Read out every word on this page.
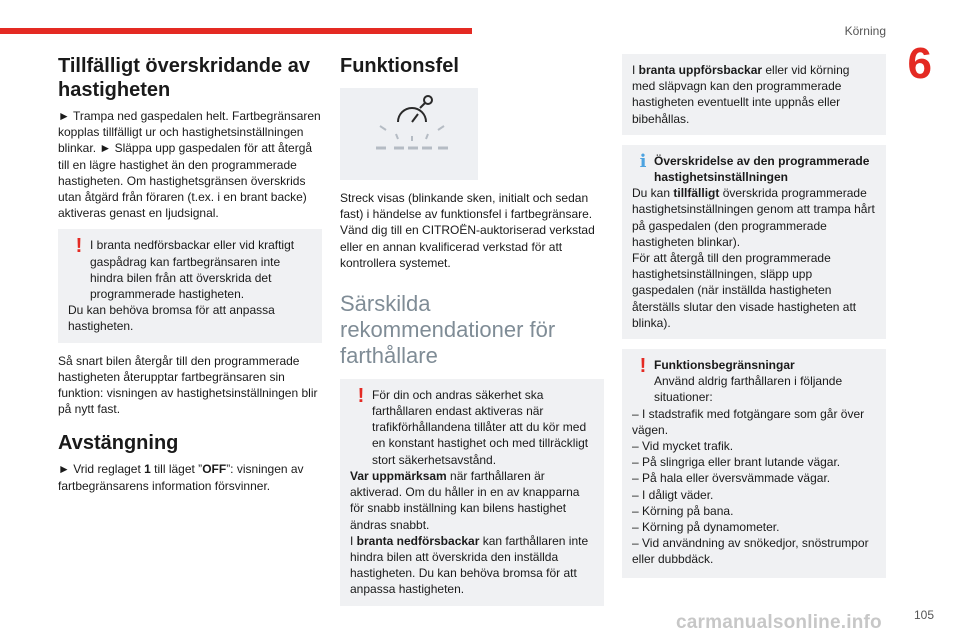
Körning
6
Tillfälligt överskridande av hastigheten

► Trampa ned gaspedalen helt. Fartbegränsaren kopplas tillfälligt ur och hastighetsinställningen blinkar. ► Släppa upp gaspedalen för att återgå till en lägre hastighet än den programmerade hastigheten. Om hastighetsgränsen överskrids utan åtgärd från föraren (t.ex. i en brant backe) aktiveras genast en ljudsignal.

! I branta nedförsbackar eller vid kraftigt gaspådrag kan fartbegränsaren inte hindra bilen från att överskrida det programmerade hastigheten.
Du kan behöva bromsa för att anpassa hastigheten.

Så snart bilen återgår till den programmerade hastigheten återupptar fartbegränsaren sin funktion: visningen av hastighetsinställningen blir på nytt fast.

Avstängning

► Vrid reglaget 1 till läget ”OFF”: visningen av fartbegränsarens information försvinner.

Funktionsfel

Streck visas (blinkande sken, initialt och sedan fast) i händelse av funktionsfel i fartbegränsare. Vänd dig till en CITROËN-auktoriserad verkstad eller en annan kvalificerad verkstad för att kontrollera systemet.

Särskilda rekommendationer för farthållare
! För din och andras säkerhet ska farthållaren endast aktiveras när trafikförhållandena tillåter att du kör med en konstant hastighet och med tillräckligt stort säkerhetsavstånd.
Var uppmärksam när farthållaren är aktiverad. Om du håller in en av knapparna för snabb inställning kan bilens hastighet ändras snabbt.
I branta nedförsbackar kan farthållaren inte hindra bilen att överskrida den inställda hastigheten. Du kan behöva bromsa för att anpassa hastigheten.
I branta uppförsbackar eller vid körning med släpvagn kan den programmerade hastigheten eventuellt inte uppnås eller bibehållas.
i Överskridelse av den programmerade hastighetsinställningen
Du kan tillfälligt överskrida programmerade hastighetsinställningen genom att trampa hårt på gaspedalen (den programmerade hastigheten blinkar).
För att återgå till den programmerade hastighetsinställningen, släpp upp gaspedalen (när inställda hastigheten återställs slutar den visade hastigheten att blinka).
! Funktionsbegränsningar
Använd aldrig farthållaren i följande situationer:
– I stadstrafik med fotgängare som går över vägen.
– Vid mycket trafik.
– På slingriga eller brant lutande vägar.
– På hala eller översvämmade vägar.
– I dåligt väder.
– Körning på bana.
– Körning på dynamometer.
– Vid användning av snökedjor, snöstrumpor eller dubbdäck.
carmanualsonline.info	105
